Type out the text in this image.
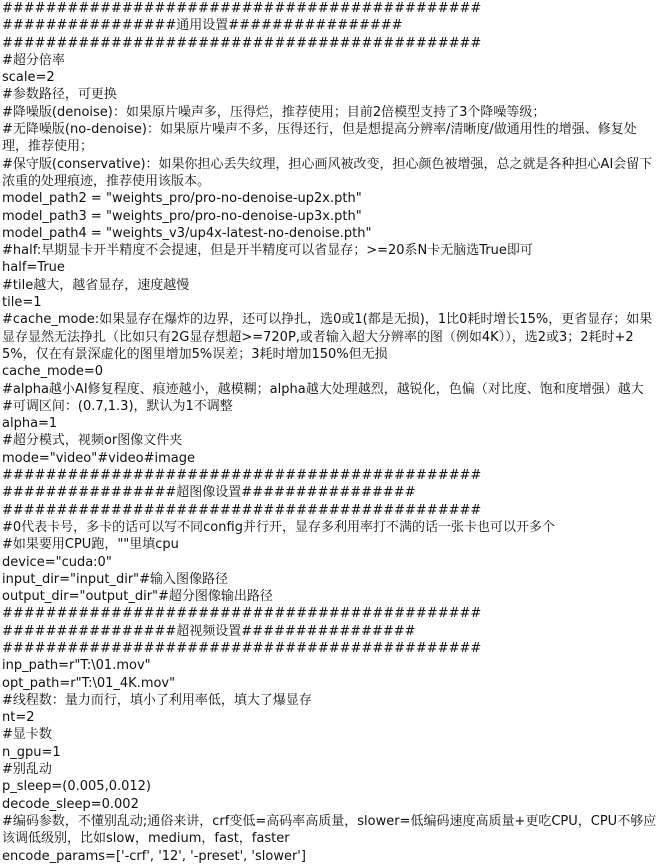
############################################
################通用设置################
############################################
#超分倍率
scale=2
#参数路径，可更换
#降噪版(denoise)：如果原片噪声多，压得烂，推荐使用；目前2倍模型支持了3个降噪等级；
#无降噪版(no-denoise)：如果原片噪声不多，压得还行，但是想提高分辨率/清晰度/做通用性的增强、修复处理，推荐使用；
#保守版(conservative)：如果你担心丢失纹理，担心画风被改变，担心颜色被增强，总之就是各种担心AI会留下浓重的处理痕迹，推荐使用该版本。
model_path2 = "weights_pro/pro-no-denoise-up2x.pth"
model_path3 = "weights_pro/pro-no-denoise-up3x.pth"
model_path4 = "weights_v3/up4x-latest-no-denoise.pth"
#half:早期显卡开半精度不会提速，但是开半精度可以省显存；>=20系N卡无脑选True即可
half=True
#tile越大，越省显存，速度越慢
tile=1
#cache_mode:如果显存在爆炸的边界，还可以挣扎，选0或1(都是无损)，1比0耗时增长15%，更省显存；如果显存显然无法挣扎（比如只有2G显存想超>=720P,或者输入超大分辨率的图（例如4K）），选2或3；2耗时+25%，仅在有景深虚化的图里增加5%误差；3耗时增加150%但无损
cache_mode=0
#alpha越小AI修复程度、痕迹越小，越模糊；alpha越大处理越烈，越锐化，色偏（对比度、饱和度增强）越大
#可调区间：(0.7,1.3)，默认为1不调整
alpha=1
#超分模式，视频or图像文件夹
mode="video"#video#image
############################################
################超图像设置################
############################################
#0代表卡号，多卡的话可以写不同config并行开，显存多利用率打不满的话一张卡也可以开多个
#如果要用CPU跑，""里填cpu
device="cuda:0"
input_dir="input_dir"#输入图像路径
output_dir="output_dir"#超分图像输出路径
############################################
################超视频设置################
############################################
inp_path=r"T:\01.mov"
opt_path=r"T:\01_4K.mov"
#线程数：量力而行，填小了利用率低，填大了爆显存
nt=2
#显卡数
n_gpu=1
#别乱动
p_sleep=(0.005,0.012)
decode_sleep=0.002
#编码参数，不懂别乱动;通俗来讲，crf变低=高码率高质量，slower=低编码速度高质量+更吃CPU，CPU不够应该调低级别，比如slow，medium，fast，faster
encode_params=['-crf', '12', '-preset', 'slower']
